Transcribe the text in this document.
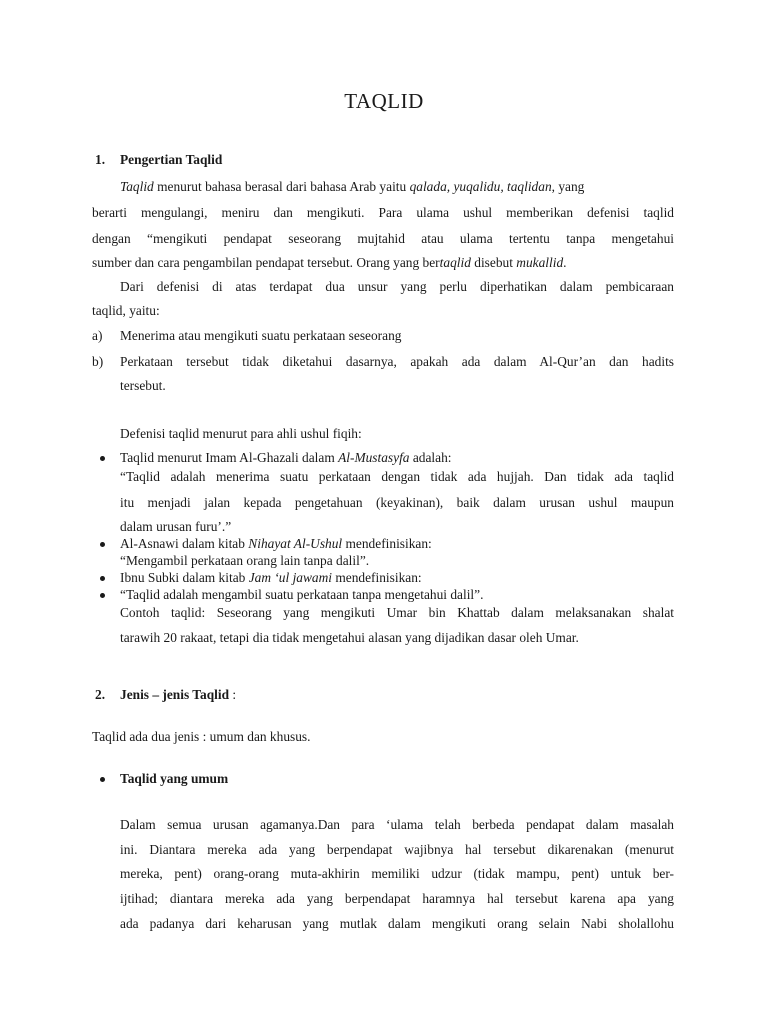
TAQLID
1. Pengertian Taqlid
Taqlid menurut bahasa berasal dari bahasa Arab yaitu qalada, yuqalidu, taqlidan, yang
berarti mengulangi, meniru dan mengikuti. Para ulama ushul memberikan defenisi taqlid
dengan “mengikuti pendapat seseorang mujtahid atau ulama tertentu tanpa mengetahui
sumber dan cara pengambilan pendapat tersebut. Orang yang bertaqlid disebut mukallid.
Dari defenisi di atas terdapat dua unsur yang perlu diperhatikan dalam pembicaraan
taqlid, yaitu:
a) Menerima atau mengikuti suatu perkataan seseorang
b) Perkataan tersebut tidak diketahui dasarnya, apakah ada dalam Al-Qur’an dan hadits
tersebut.
Defenisi taqlid menurut para ahli ushul fiqih:
Taqlid menurut Imam Al-Ghazali dalam Al-Mustasyfa adalah:
“Taqlid adalah menerima suatu perkataan dengan tidak ada hujjah. Dan tidak ada taqlid
itu menjadi jalan kepada pengetahuan (keyakinan), baik dalam urusan ushul maupun
dalam urusan furu’.”
Al-Asnawi dalam kitab Nihayat Al-Ushul mendefinisikan:
“Mengambil perkataan orang lain tanpa dalil”.
Ibnu Subki dalam kitab Jam ‘ul jawami mendefinisikan:
“Taqlid adalah mengambil suatu perkataan tanpa mengetahui dalil”.
Contoh taqlid: Seseorang yang mengikuti Umar bin Khattab dalam melaksanakan shalat
tarawih 20 rakaat, tetapi dia tidak mengetahui alasan yang dijadikan dasar oleh Umar.
2. Jenis – jenis Taqlid :
Taqlid ada dua jenis : umum dan khusus.
Taqlid yang umum
Dalam semua urusan agamanya.Dan para ‘ulama telah berbeda pendapat dalam masalah
ini. Diantara mereka ada yang berpendapat wajibnya hal tersebut dikarenakan (menurut
mereka, pent) orang-orang muta-akhirin memiliki udzur (tidak mampu, pent) untuk ber-
ijtihad; diantara mereka ada yang berpendapat haramnya hal tersebut karena apa yang
ada padanya dari keharusan yang mutlak dalam mengikuti orang selain Nabi sholallohu
